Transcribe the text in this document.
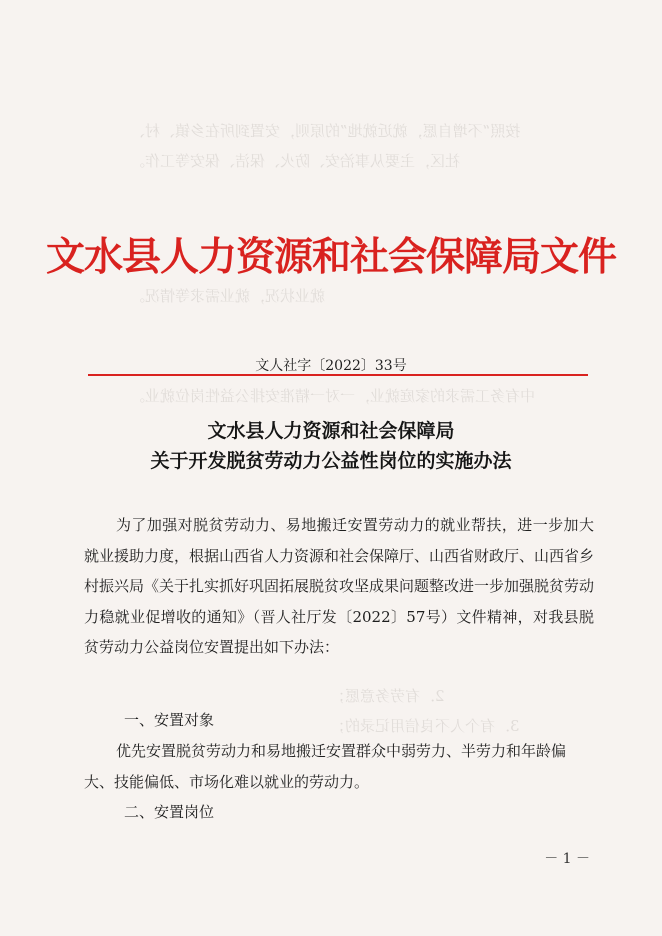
按照“不增自愿，就近就地”的原则，安置到所在乡镇、村、
社区，主要从事治安、防火、保洁、保安等工作。
就业状况，就业需求等情况。
中有务工需求的家庭就业，一对一精准安排公益性岗位就业。
2．有劳务意愿；
3．有个人不良信用记录的；
文水县人力资源和社会保障局文件
文人社字〔2022〕33号
文水县人力资源和社会保障局
关于开发脱贫劳动力公益性岗位的实施办法
为了加强对脱贫劳动力、易地搬迁安置劳动力的就业帮扶，进一步加大就业援助力度，根据山西省人力资源和社会保障厅、山西省财政厅、山西省乡村振兴局《关于扎实抓好巩固拓展脱贫攻坚成果问题整改进一步加强脱贫劳动力稳就业促增收的通知》（晋人社厅发〔2022〕57号）文件精神，对我县脱贫劳动力公益岗位安置提出如下办法：
一、安置对象
优先安置脱贫劳动力和易地搬迁安置群众中弱劳力、半劳力和年龄偏大、技能偏低、市场化难以就业的劳动力。
二、安置岗位
－ 1 －
